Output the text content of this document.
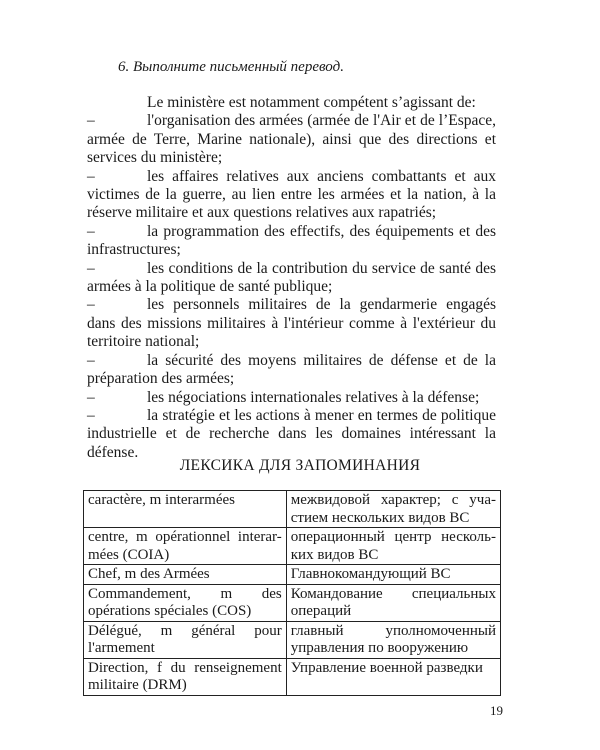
6. Выполните письменный перевод.

Le ministère est notamment compétent s’agissant de:

–	l'organisation des armées (armée de l'Air et de l’Espace, armée de Terre, Marine nationale), ainsi que des directions et services du ministère;

–	les affaires relatives aux anciens combattants et aux victimes de la guerre, au lien entre les armées et la nation, à la réserve militaire et aux questions relatives aux rapatriés;

–	la programmation des effectifs, des équipements et des infrastructures;

–	les conditions de la contribution du service de santé des armées à la politique de santé publique;

–	les personnels militaires de la gendarmerie engagés dans des missions militaires à l'intérieur comme à l'extérieur du territoire national;

–	la sécurité des moyens militaires de défense et de la préparation des armées;

–	les négociations internationales relatives à la défense;

–	la stratégie et les actions à mener en termes de politique industrielle et de recherche dans les domaines intéressant la défense.

ЛЕКСИКА ДЛЯ ЗАПОМИНАНИЯ
caractère, m interarmées	межвидовой характер; с уча- стием нескольких видов ВС
centre, m opérationnel interar- mées (COIA)	операционный центр несколь- ких видов ВС
Chef, m des Armées	Главнокомандующий ВС
Commandement, m des opérations spéciales (COS)	Командование специальных операций
Délégué, m général pour l'armement	главный уполномоченный управления по вооружению
Direction, f du renseignement militaire (DRM)	Управление военной разведки
19
